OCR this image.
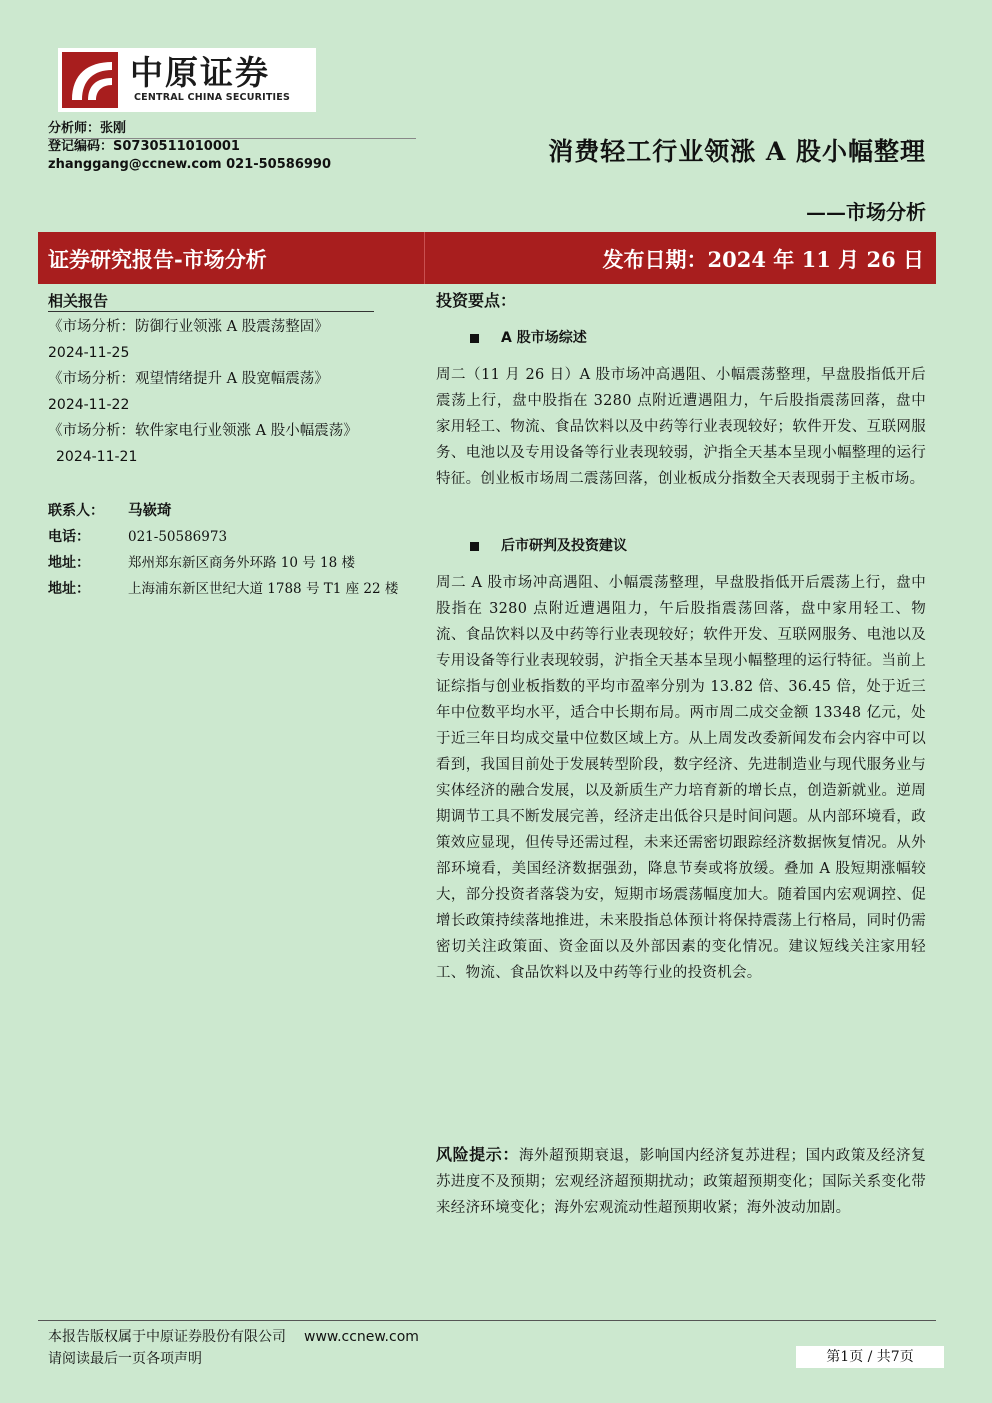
中原证券
CENTRAL CHINA SECURITIES
分析师：张刚
登记编码：S0730511010001
zhanggang@ccnew.com 021-50586990	消费轻工行业领涨 A 股小幅整理
——市场分析
证券研究报告-市场分析	发布日期：2024 年 11 月 26 日
相关报告
《市场分析：防御行业领涨 A 股震荡整固》
2024-11-25
《市场分析：观望情绪提升 A 股宽幅震荡》
2024-11-22
《市场分析：软件家电行业领涨 A 股小幅震荡》 2024-11-21
联系人：	马嵚琦
电话：	021-50586973
地址：	郑州郑东新区商务外环路 10 号 18 楼
地址：	上海浦东新区世纪大道 1788 号 T1 座 22 楼
投资要点：
A 股市场综述
周二（11 月 26 日）A 股市场冲高遇阻、小幅震荡整理，早盘股指低开后震荡上行，盘中股指在 3280 点附近遭遇阻力，午后股指震荡回落，盘中家用轻工、物流、食品饮料以及中药等行业表现较好；软件开发、互联网服务、电池以及专用设备等行业表现较弱，沪指全天基本呈现小幅整理的运行特征。创业板市场周二震荡回落，创业板成分指数全天表现弱于主板市场。
后市研判及投资建议
周二 A 股市场冲高遇阻、小幅震荡整理，早盘股指低开后震荡上行，盘中股指在 3280 点附近遭遇阻力，午后股指震荡回落，盘中家用轻工、物流、食品饮料以及中药等行业表现较好；软件开发、互联网服务、电池以及专用设备等行业表现较弱，沪指全天基本呈现小幅整理的运行特征。当前上证综指与创业板指数的平均市盈率分别为 13.82 倍、36.45 倍，处于近三年中位数平均水平，适合中长期布局。两市周二成交金额 13348 亿元，处于近三年日均成交量中位数区域上方。从上周发改委新闻发布会内容中可以看到，我国目前处于发展转型阶段，数字经济、先进制造业与现代服务业与实体经济的融合发展，以及新质生产力培育新的增长点，创造新就业。逆周期调节工具不断发展完善，经济走出低谷只是时间问题。从内部环境看，政策效应显现，但传导还需过程，未来还需密切跟踪经济数据恢复情况。从外部环境看，美国经济数据强劲，降息节奏或将放缓。叠加 A 股短期涨幅较大，部分投资者落袋为安，短期市场震荡幅度加大。随着国内宏观调控、促增长政策持续落地推进，未来股指总体预计将保持震荡上行格局，同时仍需密切关注政策面、资金面以及外部因素的变化情况。建议短线关注家用轻工、物流、食品饮料以及中药等行业的投资机会。
风险提示：海外超预期衰退，影响国内经济复苏进程；国内政策及经济复苏进度不及预期；宏观经济超预期扰动；政策超预期变化；国际关系变化带来经济环境变化；海外宏观流动性超预期收紧；海外波动加剧。
本报告版权属于中原证券股份有限公司 www.ccnew.com
请阅读最后一页各项声明	第1页 / 共7页
